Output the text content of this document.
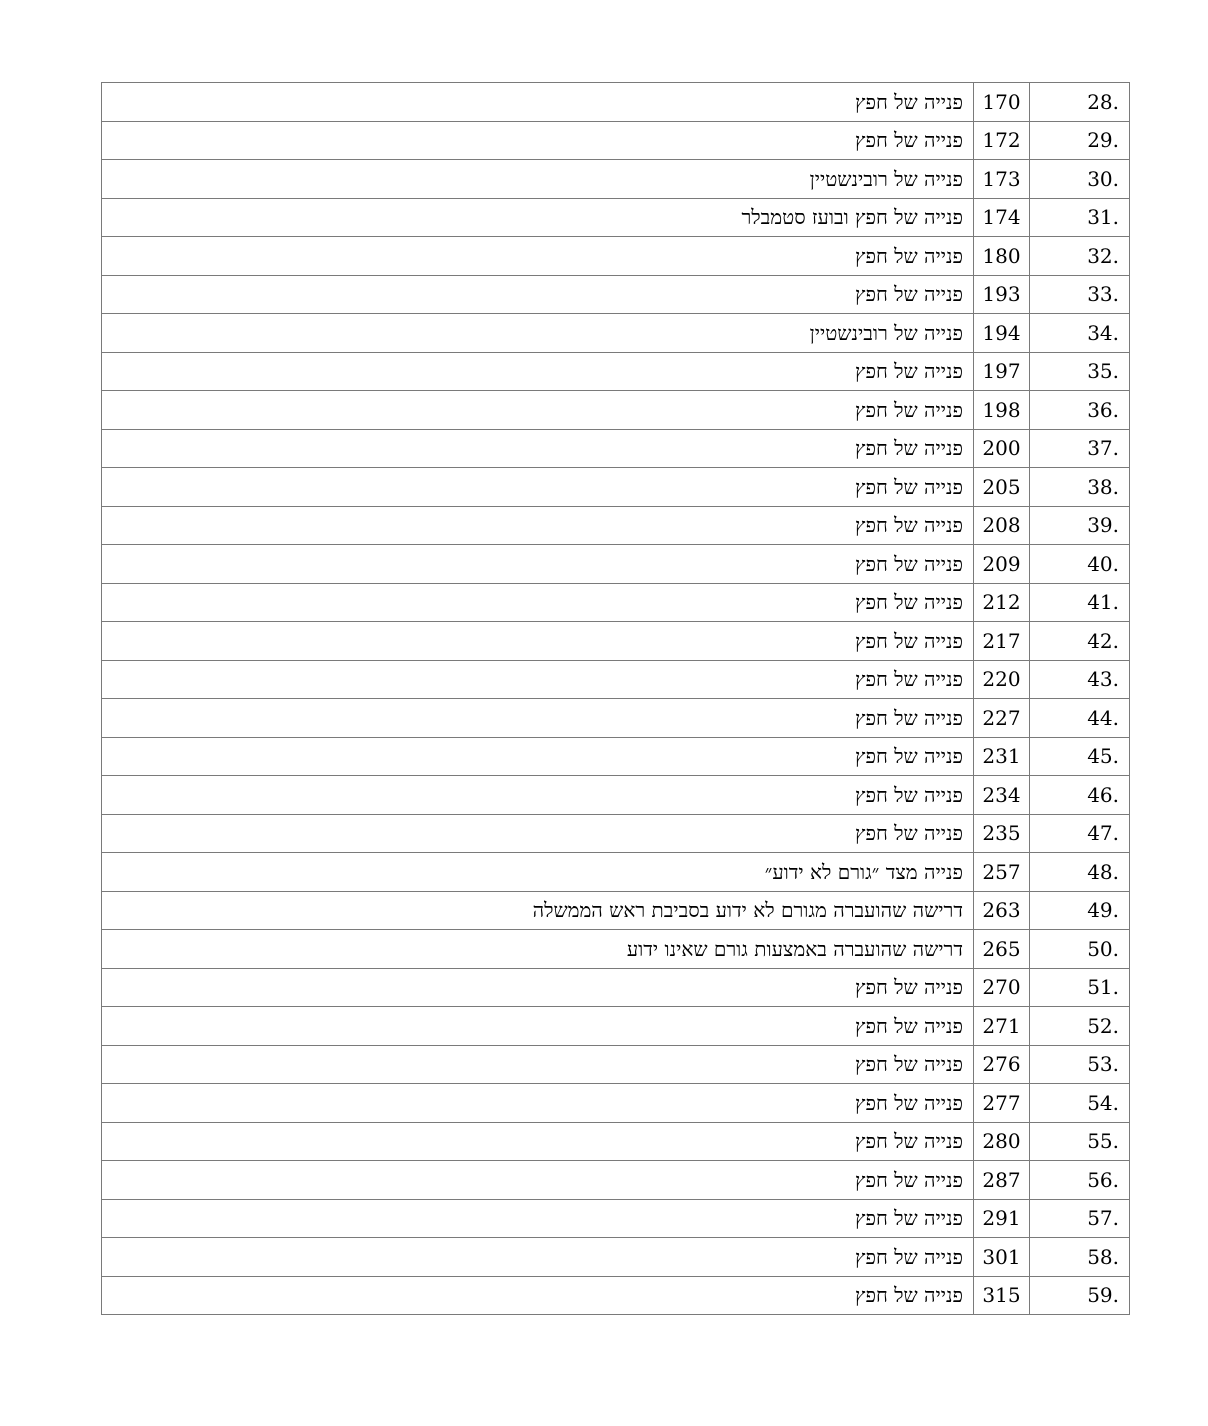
28.	170	פנייה של חפץ
29.	172	פנייה של חפץ
30.	173	פנייה של רובינשטיין
31.	174	פנייה של חפץ ובועז סטמבלר
32.	180	פנייה של חפץ
33.	193	פנייה של חפץ
34.	194	פנייה של רובינשטיין
35.	197	פנייה של חפץ
36.	198	פנייה של חפץ
37.	200	פנייה של חפץ
38.	205	פנייה של חפץ
39.	208	פנייה של חפץ
40.	209	פנייה של חפץ
41.	212	פנייה של חפץ
42.	217	פנייה של חפץ
43.	220	פנייה של חפץ
44.	227	פנייה של חפץ
45.	231	פנייה של חפץ
46.	234	פנייה של חפץ
47.	235	פנייה של חפץ
48.	257	פנייה מצד ״גורם לא ידוע״
49.	263	דרישה שהועברה מגורם לא ידוע בסביבת ראש הממשלה
50.	265	דרישה שהועברה באמצעות גורם שאינו ידוע
51.	270	פנייה של חפץ
52.	271	פנייה של חפץ
53.	276	פנייה של חפץ
54.	277	פנייה של חפץ
55.	280	פנייה של חפץ
56.	287	פנייה של חפץ
57.	291	פנייה של חפץ
58.	301	פנייה של חפץ
59.	315	פנייה של חפץ
